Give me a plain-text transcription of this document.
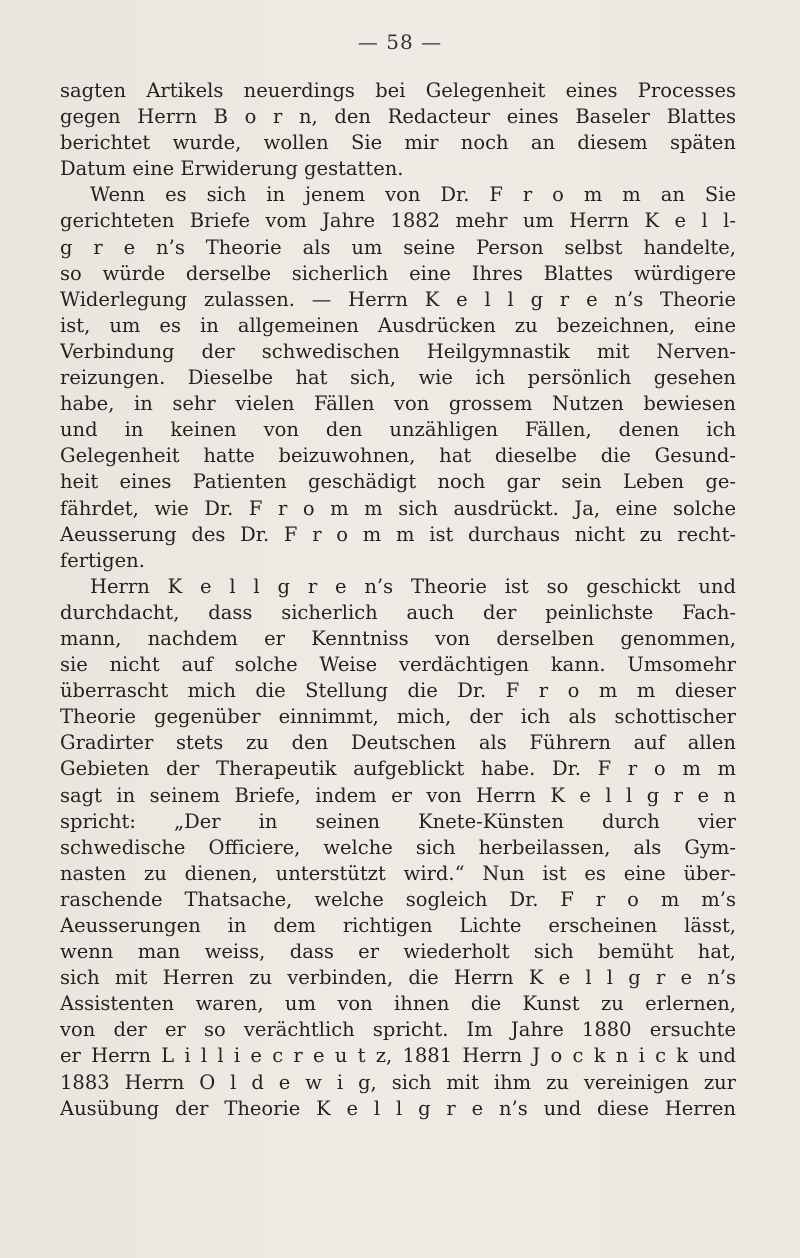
— 58 —
sagten Artikels neuerdings bei Gelegenheit eines Processes
gegen Herrn B o r n, den Redacteur eines Baseler Blattes
berichtet wurde, wollen Sie mir noch an diesem späten
Datum eine Erwiderung gestatten.
Wenn es sich in jenem von Dr. F r o m m an Sie
gerichteten Briefe vom Jahre 1882 mehr um Herrn K e l l-
g r e n’s Theorie als um seine Person selbst handelte,
so würde derselbe sicherlich eine Ihres Blattes würdigere
Widerlegung zulassen. — Herrn K e l l g r e n’s Theorie
ist, um es in allgemeinen Ausdrücken zu bezeichnen, eine
Verbindung der schwedischen Heilgymnastik mit Nerven-
reizungen. Dieselbe hat sich, wie ich persönlich gesehen
habe, in sehr vielen Fällen von grossem Nutzen bewiesen
und in keinen von den unzähligen Fällen, denen ich
Gelegenheit hatte beizuwohnen, hat dieselbe die Gesund-
heit eines Patienten geschädigt noch gar sein Leben ge-
fährdet, wie Dr. F r o m m sich ausdrückt. Ja, eine solche
Aeusserung des Dr. F r o m m ist durchaus nicht zu recht-
fertigen.
Herrn K e l l g r e n’s Theorie ist so geschickt und
durchdacht, dass sicherlich auch der peinlichste Fach-
mann, nachdem er Kenntniss von derselben genommen,
sie nicht auf solche Weise verdächtigen kann. Umsomehr
überrascht mich die Stellung die Dr. F r o m m dieser
Theorie gegenüber einnimmt, mich, der ich als schottischer
Gradirter stets zu den Deutschen als Führern auf allen
Gebieten der Therapeutik aufgeblickt habe. Dr. F r o m m
sagt in seinem Briefe, indem er von Herrn K e l l g r e n
spricht: „Der in seinen Knete-Künsten durch vier
schwedische Officiere, welche sich herbeilassen, als Gym-
nasten zu dienen, unterstützt wird.“ Nun ist es eine über-
raschende Thatsache, welche sogleich Dr. F r o m m’s
Aeusserungen in dem richtigen Lichte erscheinen lässt,
wenn man weiss, dass er wiederholt sich bemüht hat,
sich mit Herren zu verbinden, die Herrn K e l l g r e n’s
Assistenten waren, um von ihnen die Kunst zu erlernen,
von der er so verächtlich spricht. Im Jahre 1880 ersuchte
er Herrn L i l l i e c r e u t z, 1881 Herrn J o c k n i c k und
1883 Herrn O l d e w i g, sich mit ihm zu vereinigen zur
Ausübung der Theorie K e l l g r e n’s und diese Herren
